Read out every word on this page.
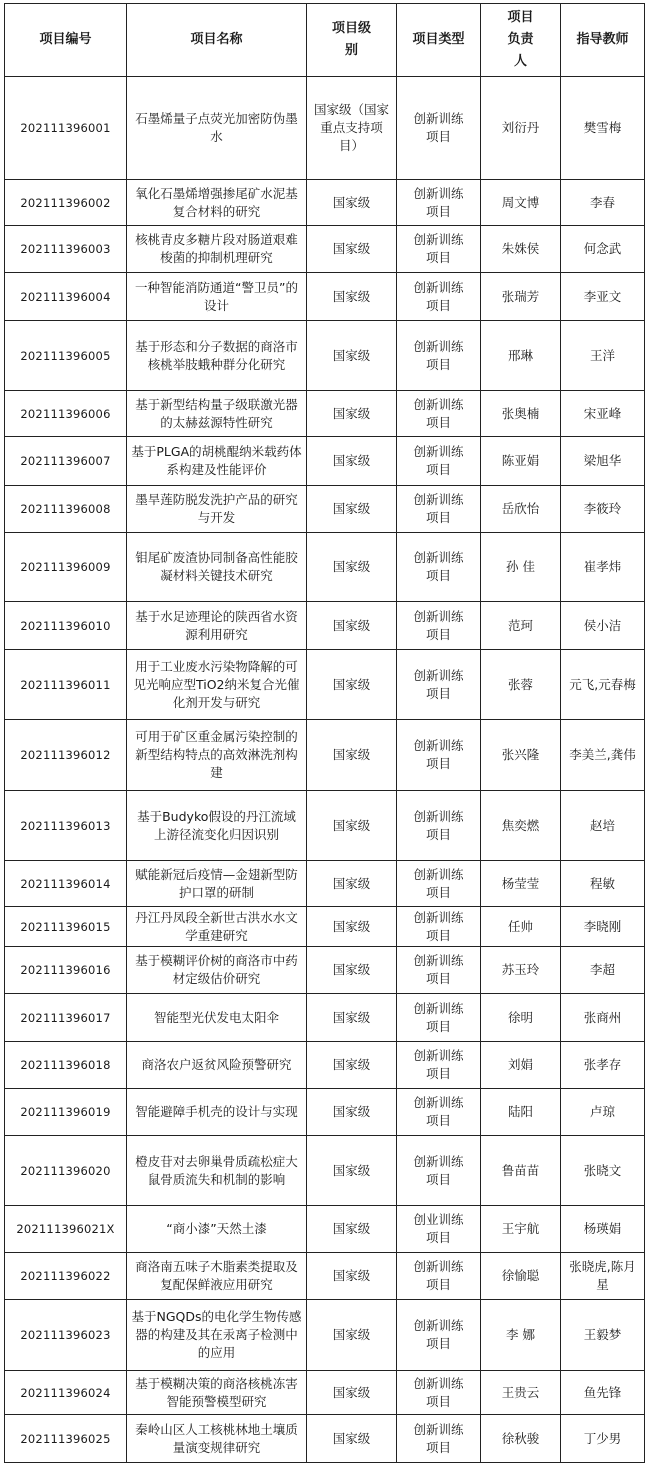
项目编号	项目名称	项目级别	项目类型	项目负责人	指导教师
202111396001	石墨烯量子点荧光加密防伪墨水	国家级（国家重点支持项目）	创新训练项目	刘衍丹	樊雪梅
202111396002	氧化石墨烯增强掺尾矿水泥基复合材料的研究	国家级	创新训练项目	周文博	李春
202111396003	核桃青皮多糖片段对肠道艰难梭菌的抑制机理研究	国家级	创新训练项目	朱姝侯	何念武
202111396004	一种智能消防通道“警卫员”的设计	国家级	创新训练项目	张瑞芳	李亚文
202111396005	基于形态和分子数据的商洛市核桃举肢蛾种群分化研究	国家级	创新训练项目	邢琳	王洋
202111396006	基于新型结构量子级联激光器的太赫兹源特性研究	国家级	创新训练项目	张奥楠	宋亚峰
202111396007	基于PLGA的胡桃醌纳米载药体系构建及性能评价	国家级	创新训练项目	陈亚娟	梁旭华
202111396008	墨旱莲防脱发洗护产品的研究与开发	国家级	创新训练项目	岳欣怡	李筱玲
202111396009	钼尾矿废渣协同制备高性能胶 凝材料关键技术研究	国家级	创新训练项目	孙 佳	崔孝炜
202111396010	基于水足迹理论的陕西省水资源利用研究	国家级	创新训练项目	范珂	侯小洁
202111396011	用于工业废水污染物降解的可见光响应型TiO2纳米复合光催化剂开发与研究	国家级	创新训练项目	张蓉	元飞,元春梅
202111396012	可用于矿区重金属污染控制的新型结构特点的高效淋洗剂构建	国家级	创新训练项目	张兴隆	李美兰,龚伟
202111396013	基于Budyko假设的丹江流域上游径流变化归因识别	国家级	创新训练项目	焦奕燃	赵培
202111396014	赋能新冠后疫情—金翅新型防护口罩的研制	国家级	创新训练项目	杨莹莹	程敏
202111396015	丹江丹凤段全新世古洪水水文学重建研究	国家级	创新训练项目	任帅	李晓刚
202111396016	基于模糊评价树的商洛市中药材定级估价研究	国家级	创新训练项目	苏玉玲	李超
202111396017	智能型光伏发电太阳伞	国家级	创新训练项目	徐明	张商州
202111396018	商洛农户返贫风险预警研究	国家级	创新训练项目	刘娟	张孝存
202111396019	智能避障手机壳的设计与实现	国家级	创新训练项目	陆阳	卢琼
202111396020	橙皮苷对去卵巢骨质疏松症大鼠骨质流失和机制的影响	国家级	创新训练项目	鲁苗苗	张晓文
202111396021X	“商小漆”天然土漆	国家级	创业训练项目	王宇航	杨瑛娟
202111396022	商洛南五味子木脂素类提取及复配保鲜液应用研究	国家级	创新训练项目	徐愉聪	张晓虎,陈月星
202111396023	基于NGQDs的电化学生物传感器的构建及其在汞离子检测中的应用	国家级	创新训练项目	李 娜	王毅梦
202111396024	基于模糊决策的商洛核桃冻害智能预警模型研究	国家级	创新训练项目	王贵云	鱼先锋
202111396025	秦岭山区人工核桃林地土壤质量演变规律研究	国家级	创新训练项目	徐秋骏	丁少男
